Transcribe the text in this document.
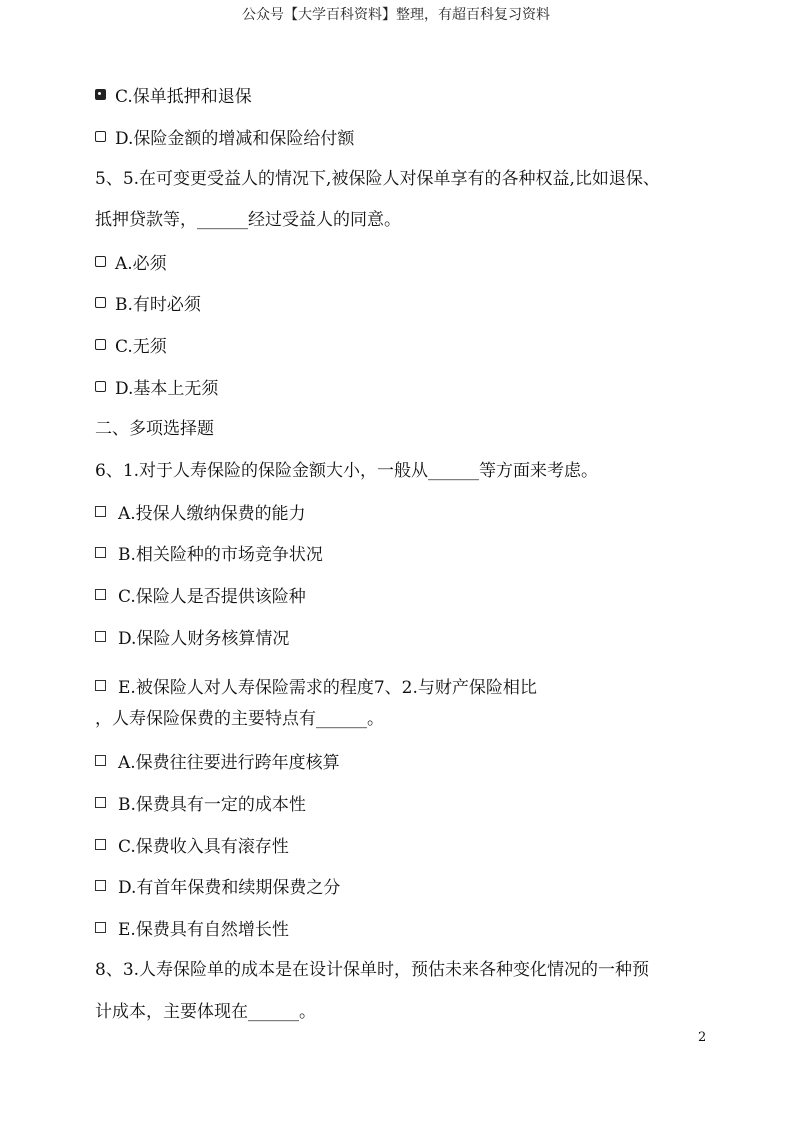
公众号【大学百科资料】整理，有超百科复习资料
C.保单抵押和退保
D.保险金额的增减和保险给付额
5、5.在可变更受益人的情况下,被保险人对保单享有的各种权益,比如退保、
抵押贷款等，______经过受益人的同意。
A.必须
B.有时必须
C.无须
D.基本上无须
二、多项选择题
6、1.对于人寿保险的保险金额大小，一般从______等方面来考虑。
A.投保人缴纳保费的能力
B.相关险种的市场竞争状况
C.保险人是否提供该险种
D.保险人财务核算情况
E.被保险人对人寿保险需求的程度7、2.与财产保险相比
，人寿保险保费的主要特点有______。
A.保费往往要进行跨年度核算
B.保费具有一定的成本性
C.保费收入具有滚存性
D.有首年保费和续期保费之分
E.保费具有自然增长性
8、3.人寿保险单的成本是在设计保单时，预估未来各种变化情况的一种预
计成本，主要体现在______。
2
